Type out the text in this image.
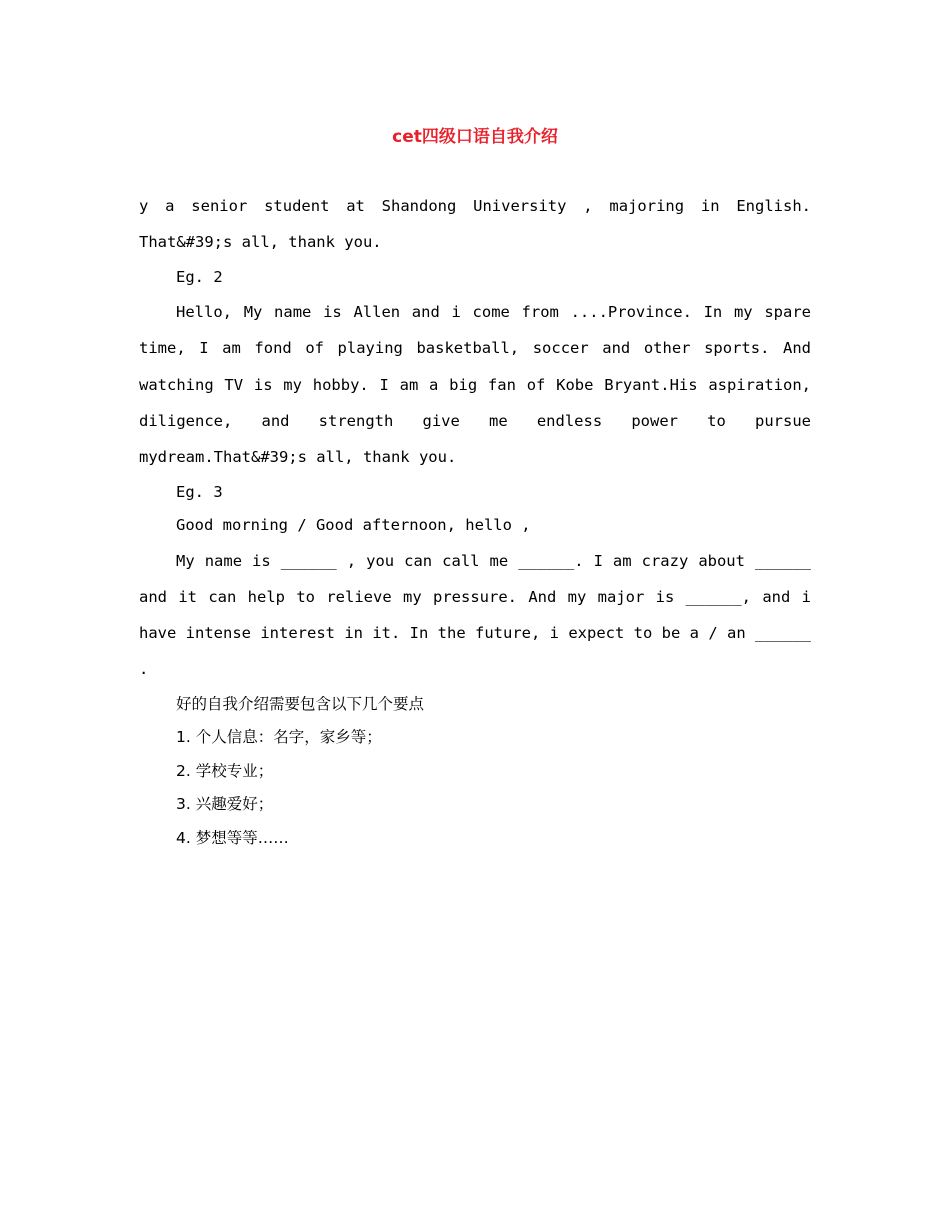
cet四级口语自我介绍

y a senior student at Shandong University , majoring in English. That&#39;s all, thank you.

Eg. 2

Hello, My name is Allen and i come from ....Province. In my spare time, I am fond of playing basketball, soccer and other sports. And watching TV is my hobby. I am a big fan of Kobe Bryant.His aspiration, diligence, and strength give me endless power to pursue mydream.That&#39;s all, thank you.

Eg. 3

Good morning / Good afternoon, hello ,

My name is ______ , you can call me ______. I am crazy about ______ and it can help to relieve my pressure. And my major is ______, and i have intense interest in it. In the future, i expect to be a / an ______ .

好的自我介绍需要包含以下几个要点

1. 个人信息：名字，家乡等；

2. 学校专业；

3. 兴趣爱好；

4. 梦想等等……
